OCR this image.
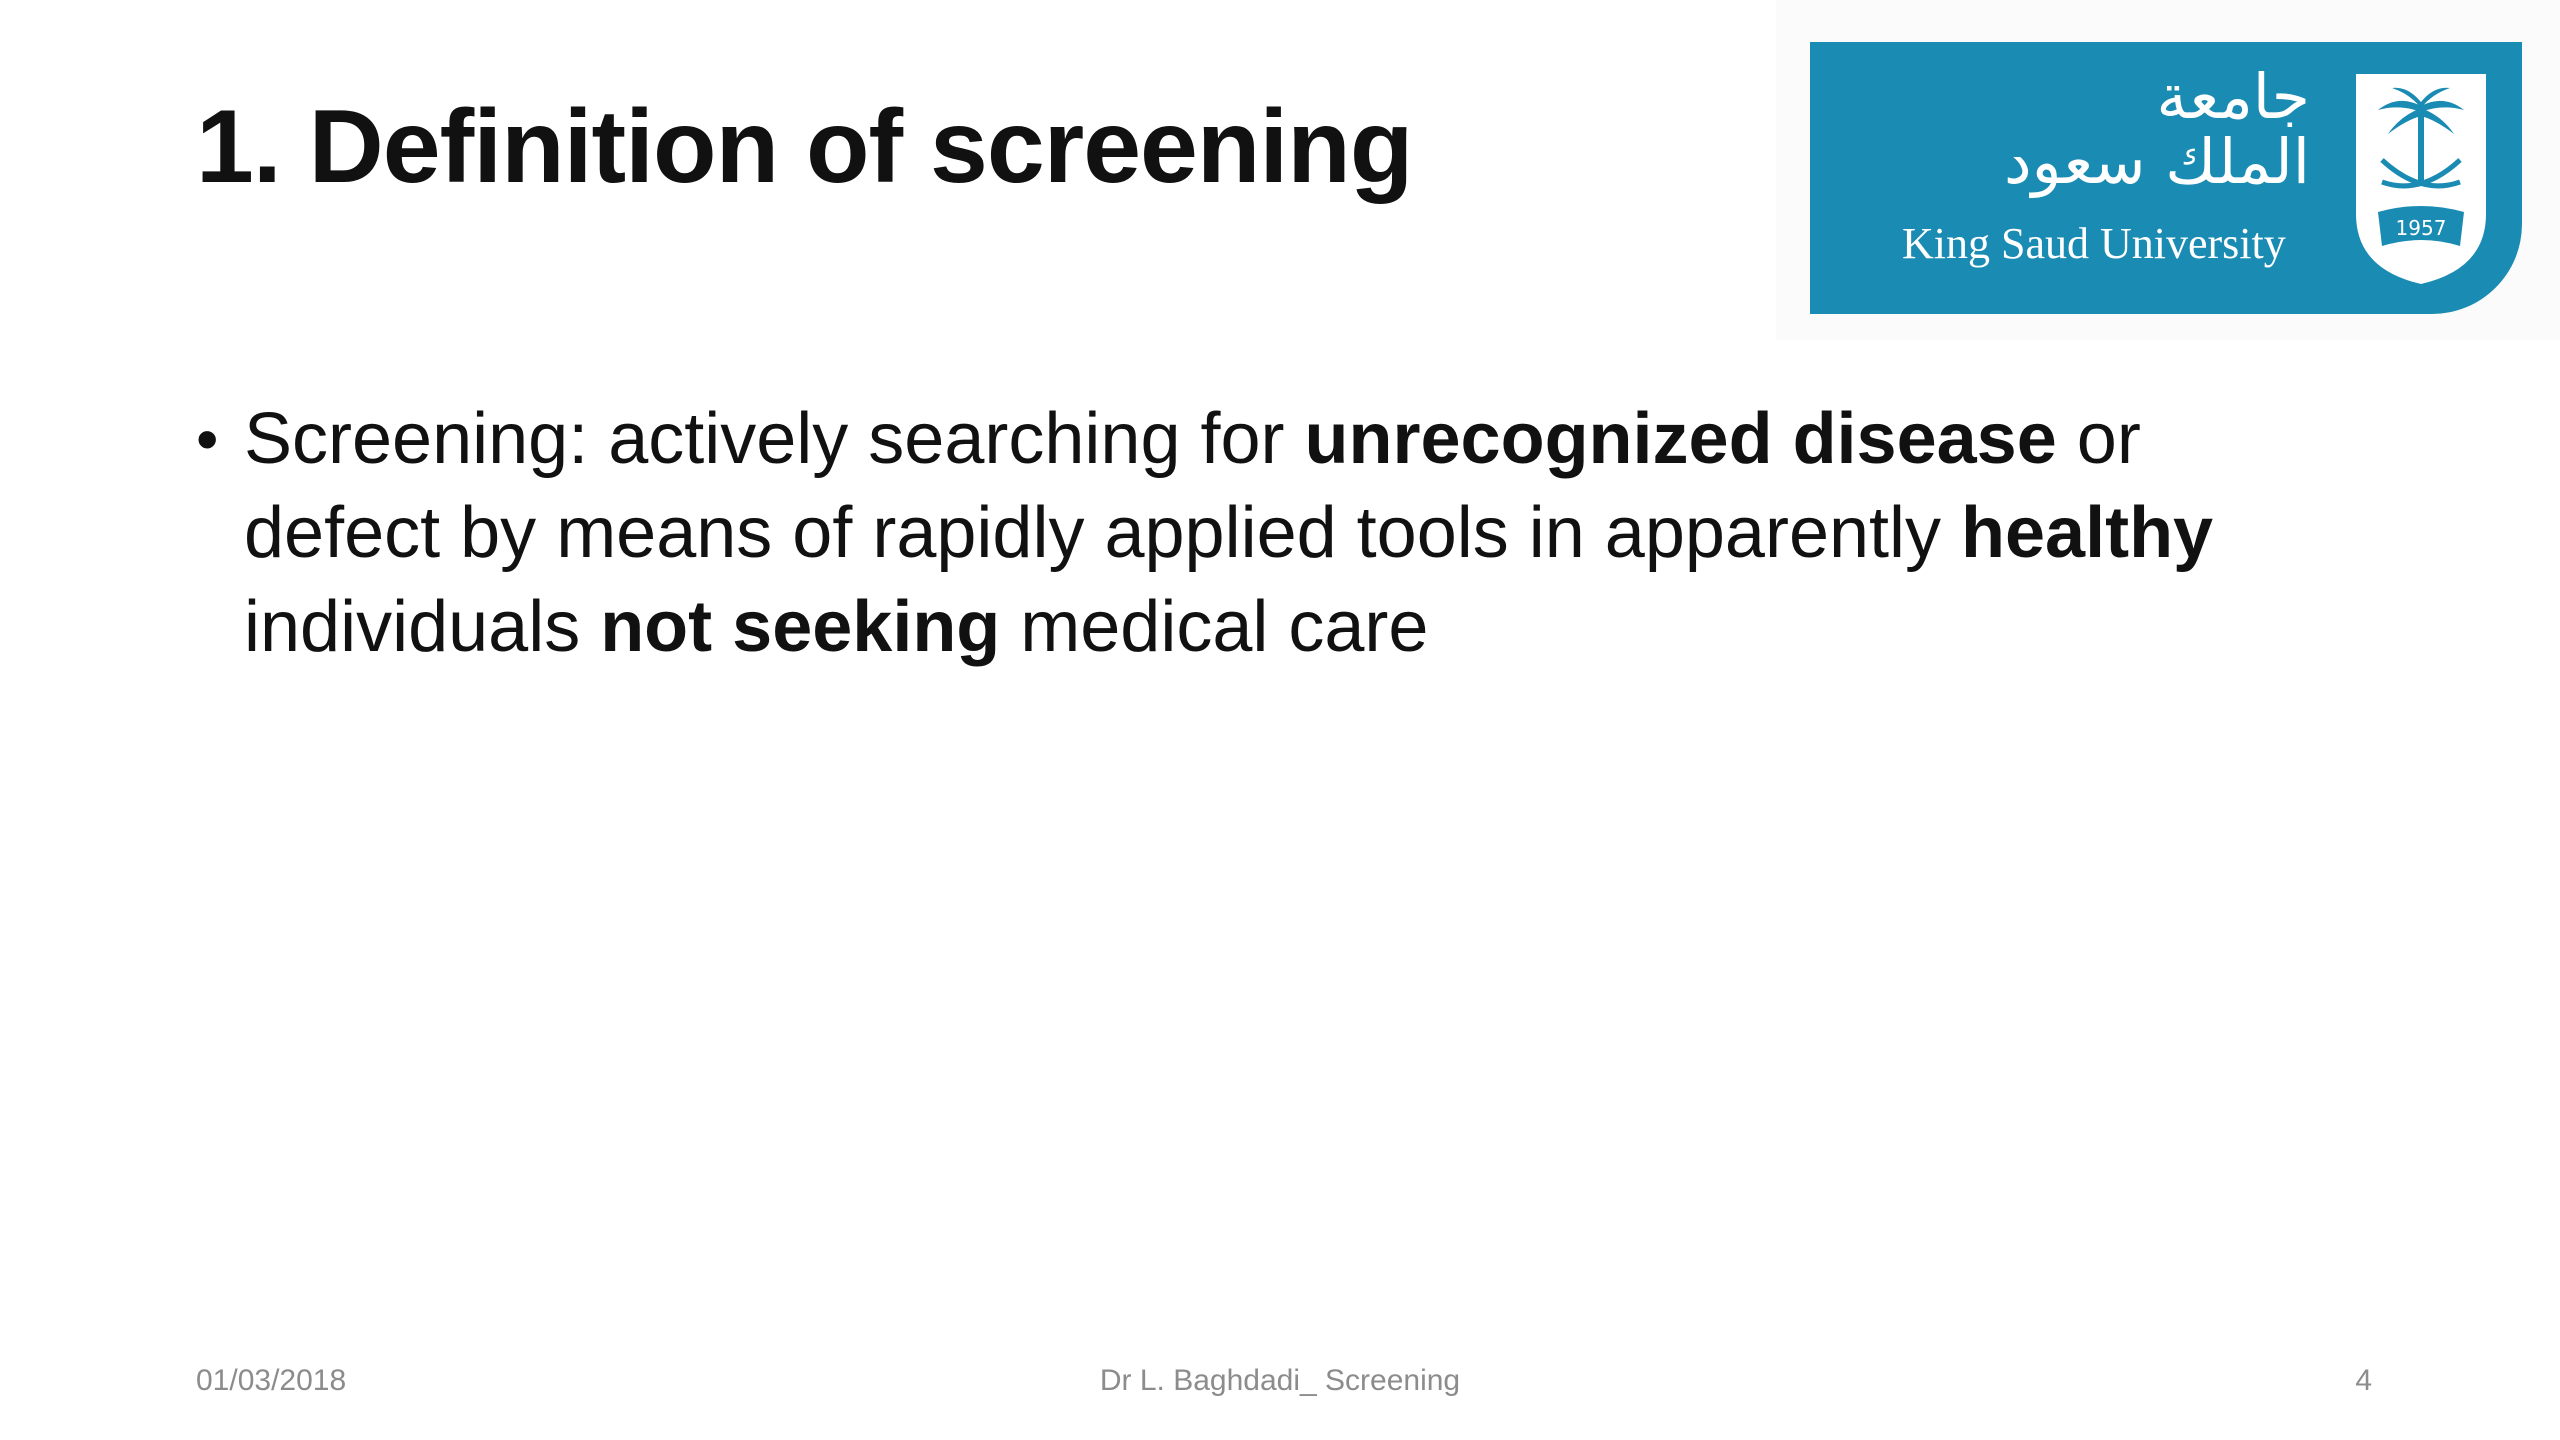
1. Definition of screening	جامعة
الملك سعود

King Saud University	1957
• Screening: actively searching for unrecognized disease or defect by means of rapidly applied tools in apparently healthy individuals not seeking medical care

01/03/2018	Dr L. Baghdadi_ Screening	4
